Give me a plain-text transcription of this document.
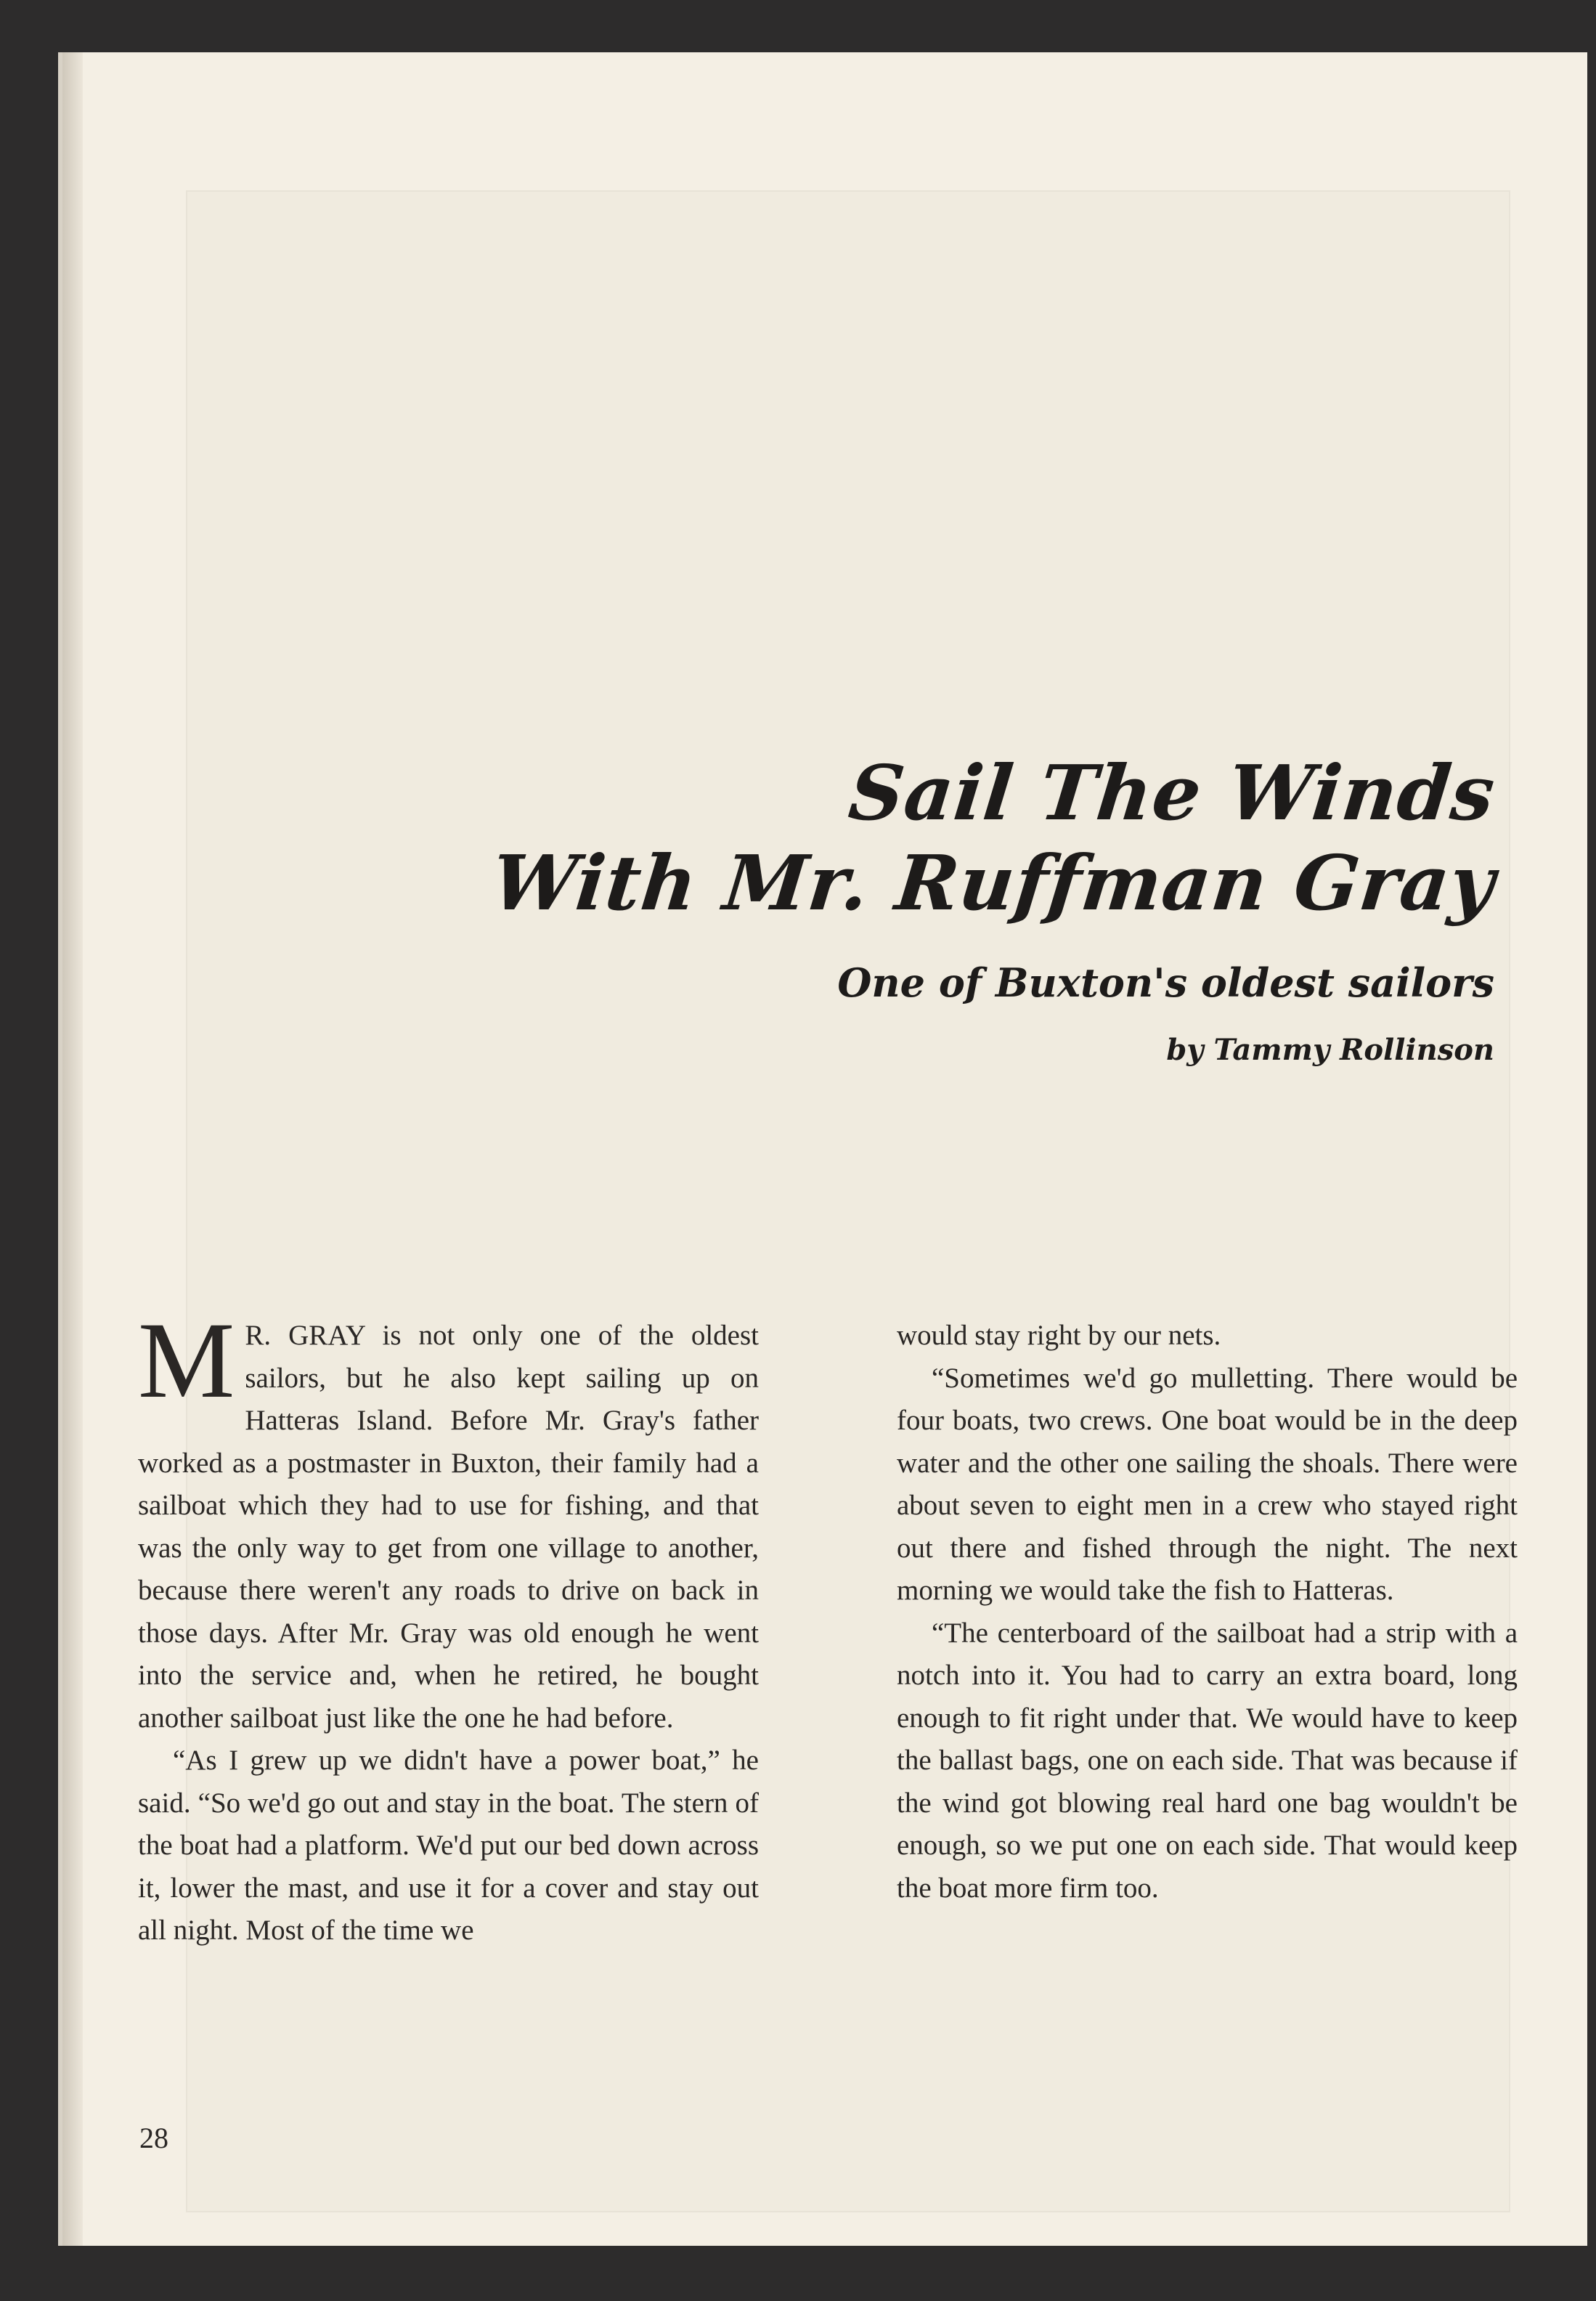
Sail The Winds
With Mr. Ruffman Gray
One of Buxton's oldest sailors
by Tammy Rollinson

M R. GRAY is not only one of the oldest sailors, but he also kept sailing up on Hatteras Island. Before Mr. Gray's father worked as a postmaster in Buxton, their family had a sailboat which they had to use for fishing, and that was the only way to get from one village to another, because there weren't any roads to drive on back in those days. After Mr. Gray was old enough he went into the service and, when he retired, he bought another sailboat just like the one he had before.

“As I grew up we didn't have a power boat,” he said. “So we'd go out and stay in the boat. The stern of the boat had a platform. We'd put our bed down across it, lower the mast, and use it for a cover and stay out all night. Most of the time we

would stay right by our nets.

“Sometimes we'd go mulletting. There would be four boats, two crews. One boat would be in the deep water and the other one sailing the shoals. There were about seven to eight men in a crew who stayed right out there and fished through the night. The next morning we would take the fish to Hatteras.

“The centerboard of the sailboat had a strip with a notch into it. You had to carry an extra board, long enough to fit right under that. We would have to keep the ballast bags, one on each side. That was because if the wind got blowing real hard one bag wouldn't be enough, so we put one on each side. That would keep the boat more firm too.

28
